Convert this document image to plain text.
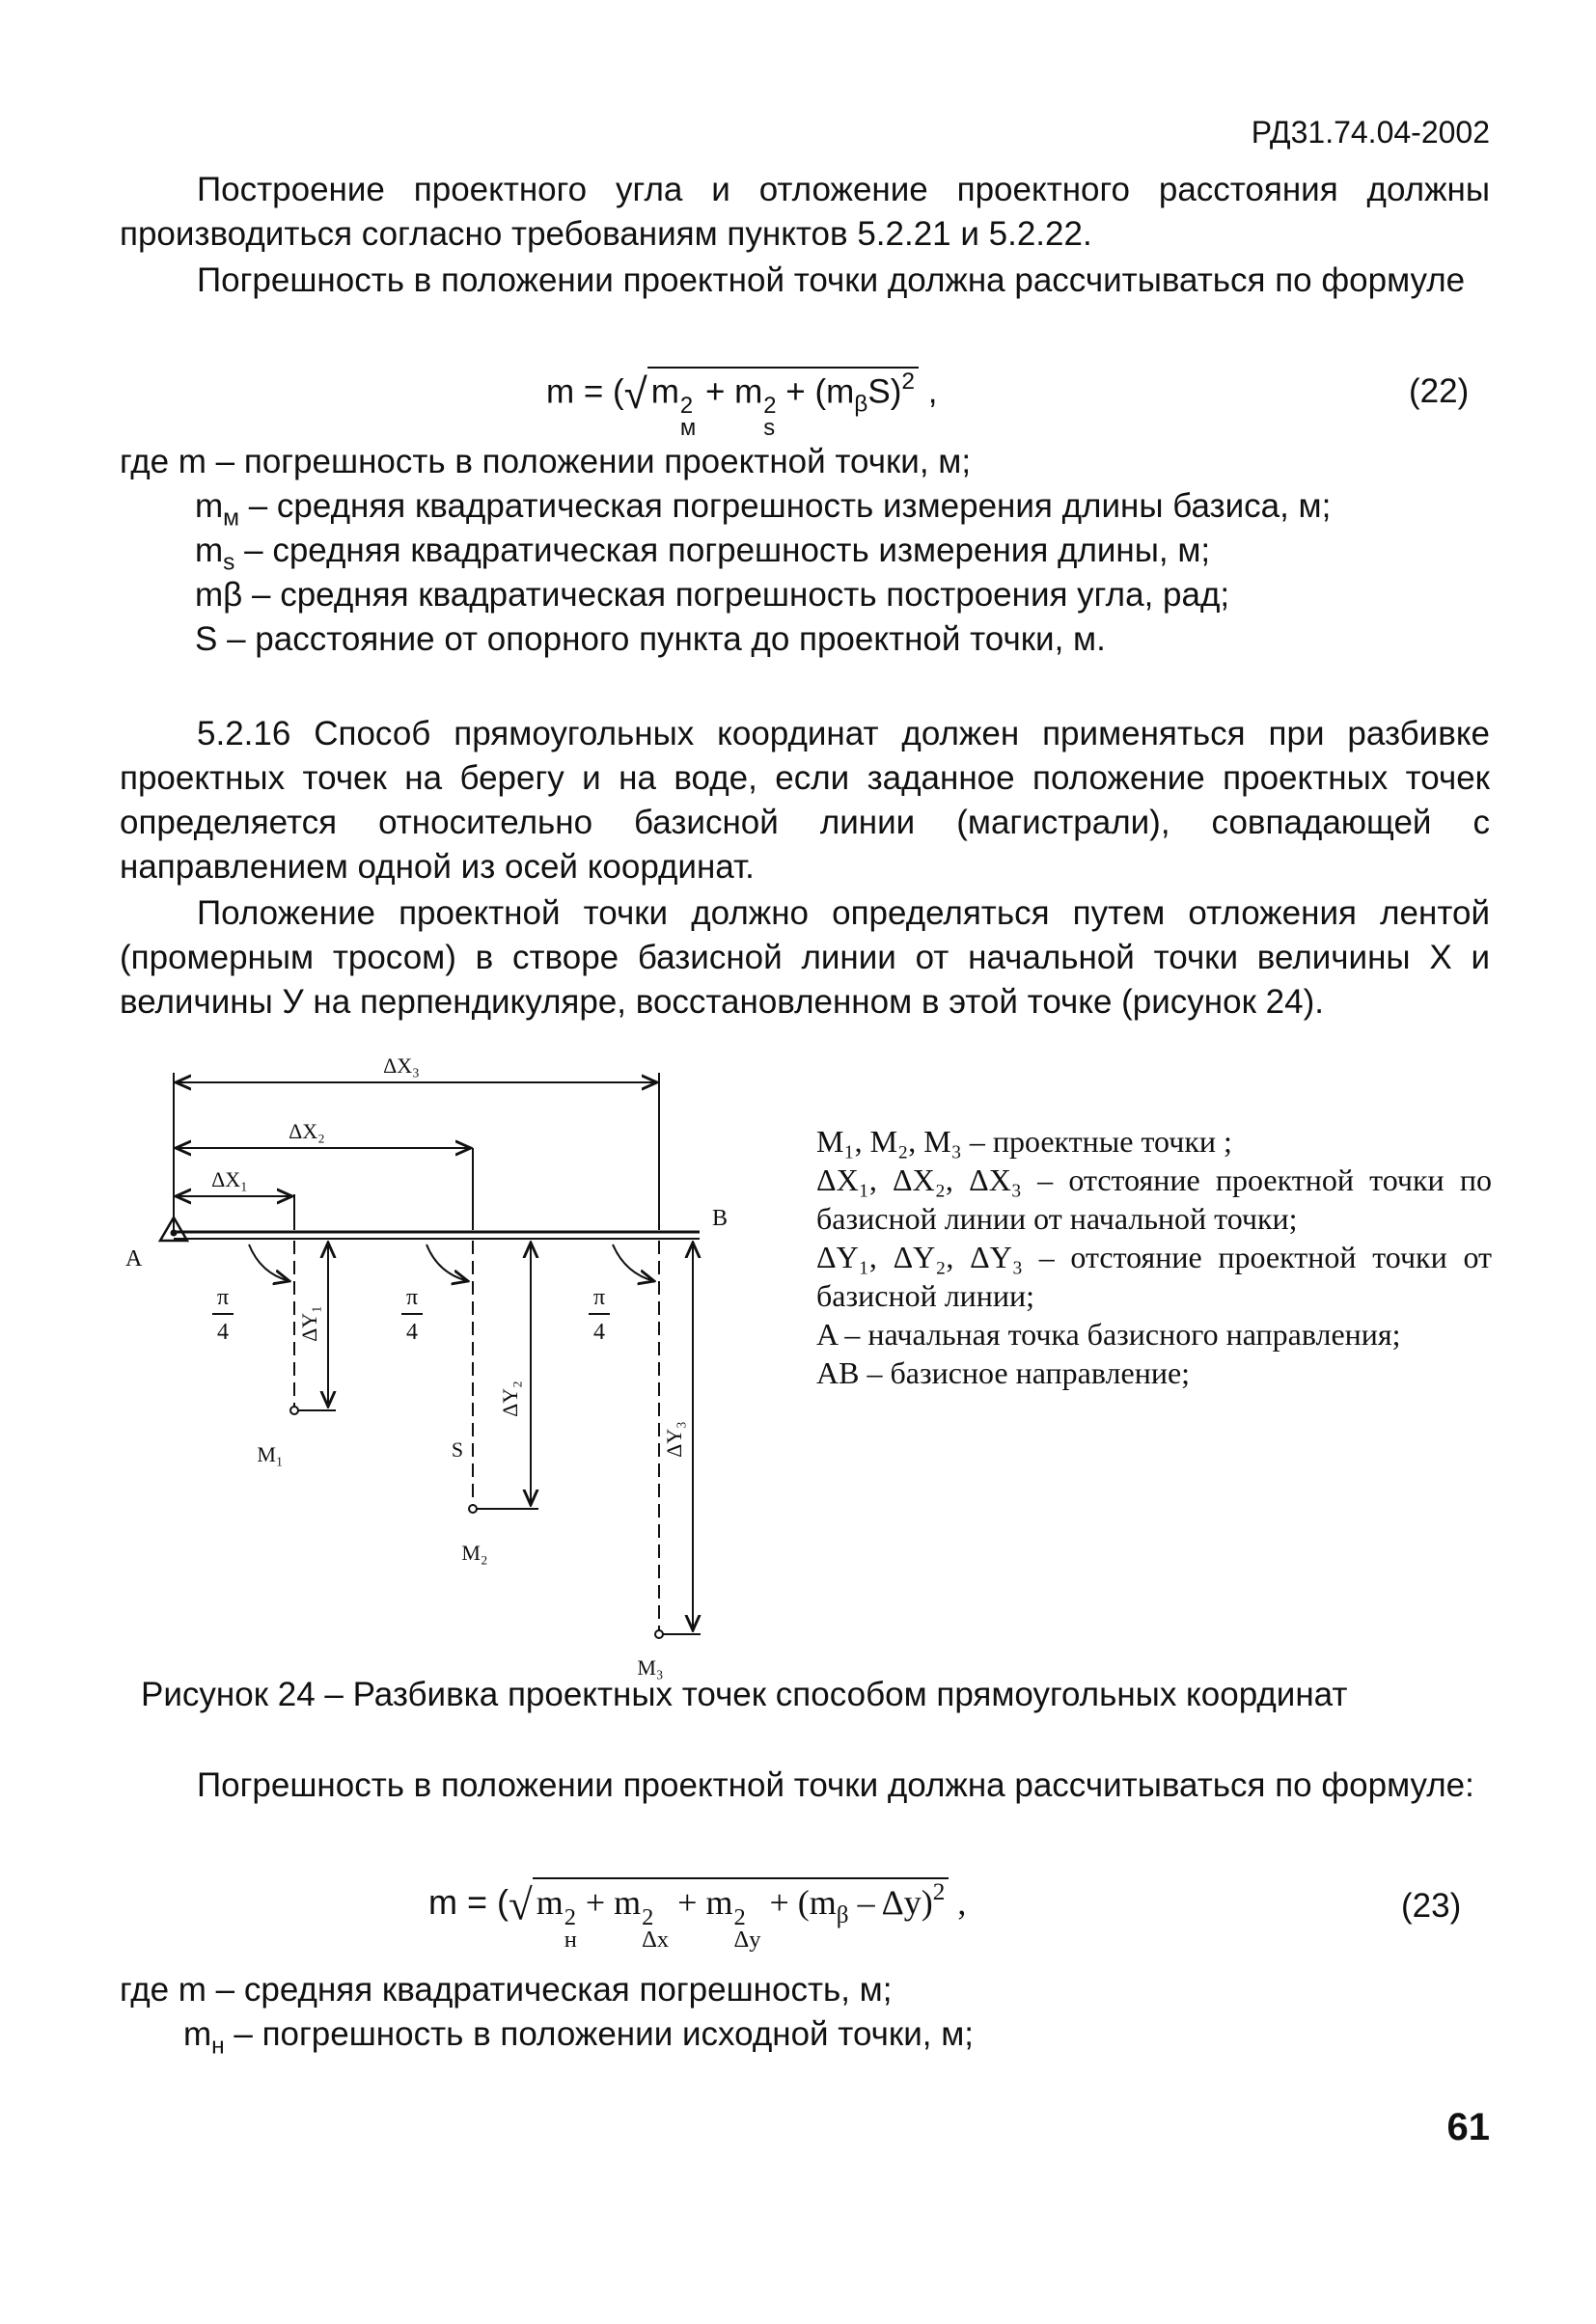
РД31.74.04-2002
Построение проектного угла и отложение проектного расстояния должны производиться согласно требованиям пунктов 5.2.21 и 5.2.22.
Погрешность в положении проектной точки должна рассчитываться по формуле
m = (√ m 2
м
+ m 2
s
+ $(m_\beta S)^2$ ,	(22)
где m – погрешность в положении проектной точки, м;
$m_м$ – средняя квадратическая погрешность измерения длины базиса, м;
$m_s$ – средняя квадратическая погрешность измерения длины, м;
mβ – средняя квадратическая погрешность построения угла, рад;
S – расстояние от опорного пункта до проектной точки, м.
5.2.16 Способ прямоугольных координат должен применяться при разбивке проектных точек на берегу и на воде, если заданное положение проектных точек определяется относительно базисной линии (магистрали), совпадающей с направлением одной из осей координат.
Положение проектной точки должно определяться путем отложения лентой (промерным тросом) в створе базисной линии от начальной точки величины X и величины У на перпендикуляре, восстановленном в этой точке (рисунок 24).
ΔX₃
ΔX₂
ΔX₁
A
B
π
4
π
4
π
4
ΔY₁
ΔY₂
ΔY₃
S
M₁
M₂
M₃

M₁, M₂, M₃ – проектные точки ;

ΔX₁, ΔX₂, ΔX₃ – отстояние проектной точки по базисной линии от начальной точки;

ΔY₁, ΔY₂, ΔY₃ – отстояние проектной точки от базисной линии;

A – начальная точка базисного направления;

AB – базисное направление;

Рисунок 24 – Разбивка проектных точек способом прямоугольных координат
Погрешность в положении проектной точки должна рассчитываться по формуле:
m = (√ m 2
н
+ m 2
Δx
+ m 2
Δy
+ $(m_\beta - \Delta y)^2$ ,	(23)
где m – средняя квадратическая погрешность, м;
$m_н$ – погрешность в положении исходной точки, м;
61
